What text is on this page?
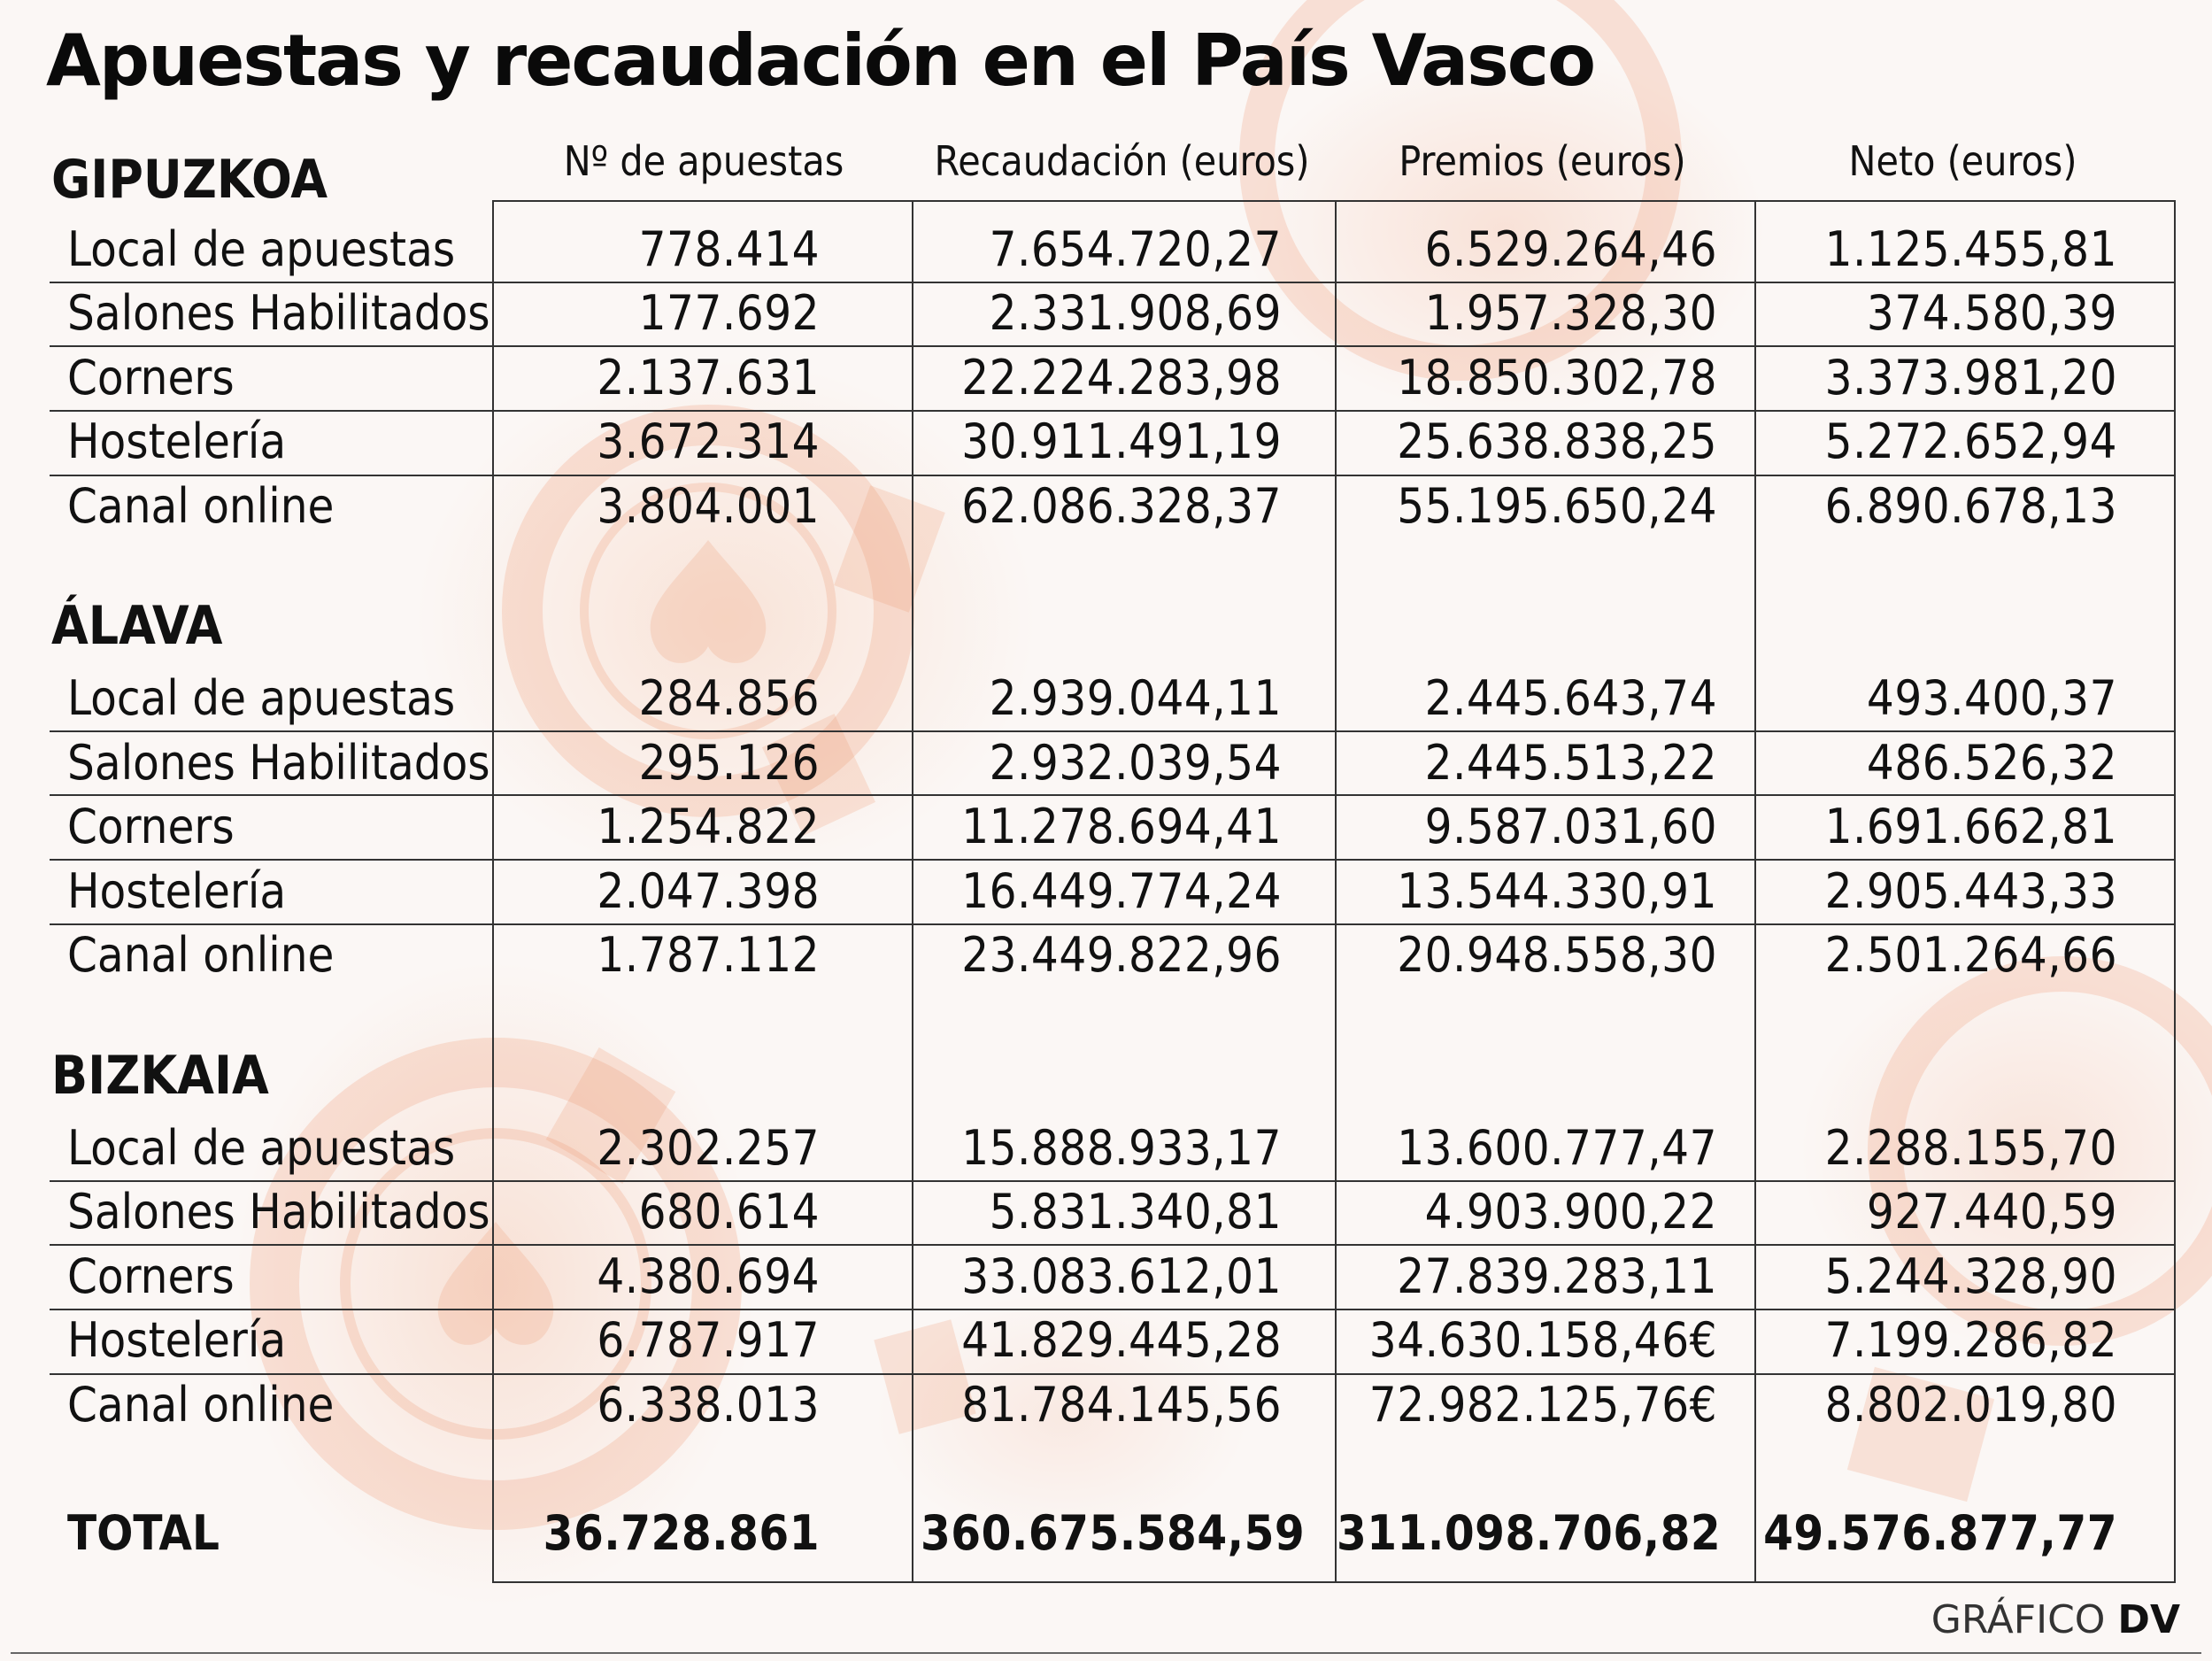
Apuestas y recaudación en el País Vasco
Nº de apuestas	Recaudación (euros)	Premios (euros)	Neto (euros)
GIPUZKOA
Local de apuestas	778.414	7.654.720,27	6.529.264,46	1.125.455,81
Salones Habilitados	177.692	2.331.908,69	1.957.328,30	374.580,39
Corners	2.137.631	22.224.283,98	18.850.302,78	3.373.981,20
Hostelería	3.672.314	30.911.491,19	25.638.838,25	5.272.652,94
Canal online	3.804.001	62.086.328,37	55.195.650,24	6.890.678,13
ÁLAVA
Local de apuestas	284.856	2.939.044,11	2.445.643,74	493.400,37
Salones Habilitados	295.126	2.932.039,54	2.445.513,22	486.526,32
Corners	1.254.822	11.278.694,41	9.587.031,60	1.691.662,81
Hostelería	2.047.398	16.449.774,24	13.544.330,91	2.905.443,33
Canal online	1.787.112	23.449.822,96	20.948.558,30	2.501.264,66
BIZKAIA
Local de apuestas	2.302.257	15.888.933,17	13.600.777,47	2.288.155,70
Salones Habilitados	680.614	5.831.340,81	4.903.900,22	927.440,59
Corners	4.380.694	33.083.612,01	27.839.283,11	5.244.328,90
Hostelería	6.787.917	41.829.445,28	34.630.158,46€	7.199.286,82
Canal online	6.338.013	81.784.145,56	72.982.125,76€	8.802.019,80
TOTAL	36.728.861 360.675.584,59 311.098.706,82 49.576.877,77
GRÁFICO DV
